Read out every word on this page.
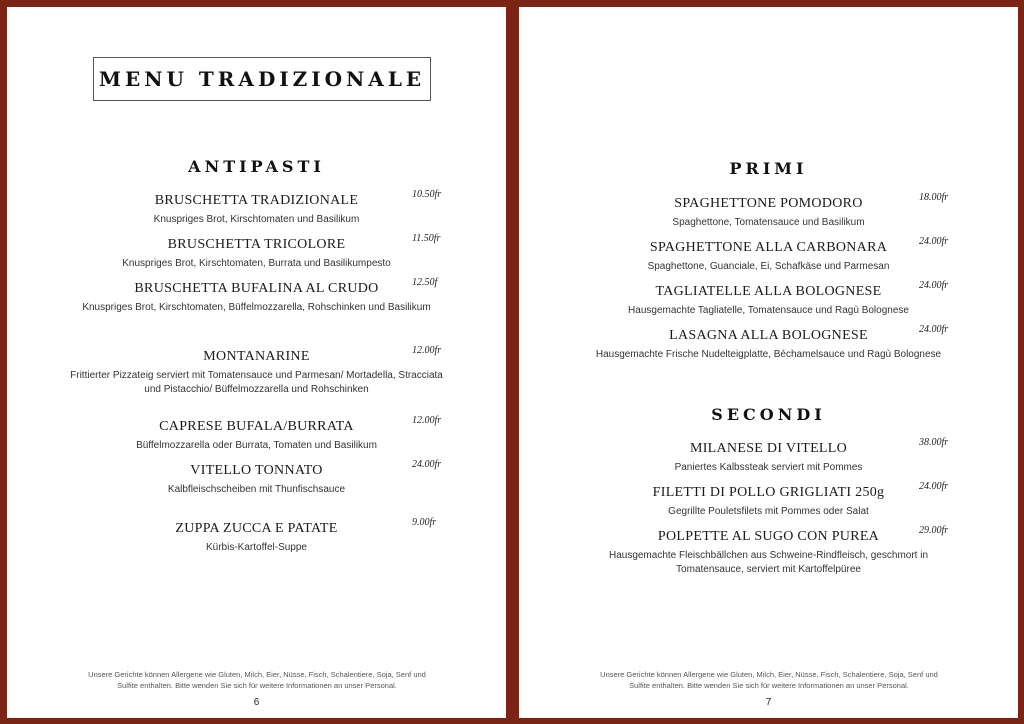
MENU TRADIZIONALE
ANTIPASTI
BRUSCHETTA TRADIZIONALE	10.50fr
Knuspriges Brot, Kirschtomaten und Basilikum
BRUSCHETTA TRICOLORE	11.50fr
Knuspriges Brot, Kirschtomaten, Burrata und Basilikumpesto
BRUSCHETTA BUFALINA AL CRUDO	12.50f
Knuspriges Brot, Kirschtomaten, Büffelmozzarella, Rohschinken und Basilikum
MONTANARINE	12.00fr
Frittierter Pizzateig serviert mit Tomatensauce und Parmesan/ Mortadella, Stracciata und Pistacchio/ Büffelmozzarella und Rohschinken
CAPRESE BUFALA/BURRATA	12.00fr
Büffelmozzarella oder Burrata, Tomaten und Basilikum
VITELLO TONNATO	24.00fr
Kalbfleischscheiben mit Thunfischsauce
ZUPPA ZUCCA E PATATE	9.00fr
Kürbis-Kartoffel-Suppe
Unsere Gerichte können Allergene wie Gluten, Milch, Eier, Nüsse, Fisch, Schalentiere, Soja, Senf und Sulfite enthalten. Bitte wenden Sie sich für weitere Informationen an unser Personal.
6
PRIMI
SPAGHETTONE POMODORO	18.00fr
Spaghettone, Tomatensauce und Basilikum
SPAGHETTONE ALLA CARBONARA	24.00fr
Spaghettone, Guanciale, Ei, Schafkäse und Parmesan
TAGLIATELLE ALLA BOLOGNESE	24.00fr
Hausgemachte Tagliatelle, Tomatensauce und Ragù Bolognese
LASAGNA ALLA BOLOGNESE	24.00fr
Hausgemachte Frische Nudelteigplatte, Béchamelsauce und Ragù Bolognese
SECONDI
MILANESE DI VITELLO	38.00fr
Paniertes Kalbssteak serviert mit Pommes
FILETTI DI POLLO GRIGLIATI 250g	24.00fr
Gegrillte Pouletsfilets mit Pommes oder Salat
POLPETTE AL SUGO CON PUREA	29.00fr
Hausgemachte Fleischbällchen aus Schweine-Rindfleisch, geschmort in Tomatensauce, serviert mit Kartoffelpüree
Unsere Gerichte können Allergene wie Gluten, Milch, Eier, Nüsse, Fisch, Schalentiere, Soja, Senf und Sulfite enthalten. Bitte wenden Sie sich für weitere Informationen an unser Personal.
7
